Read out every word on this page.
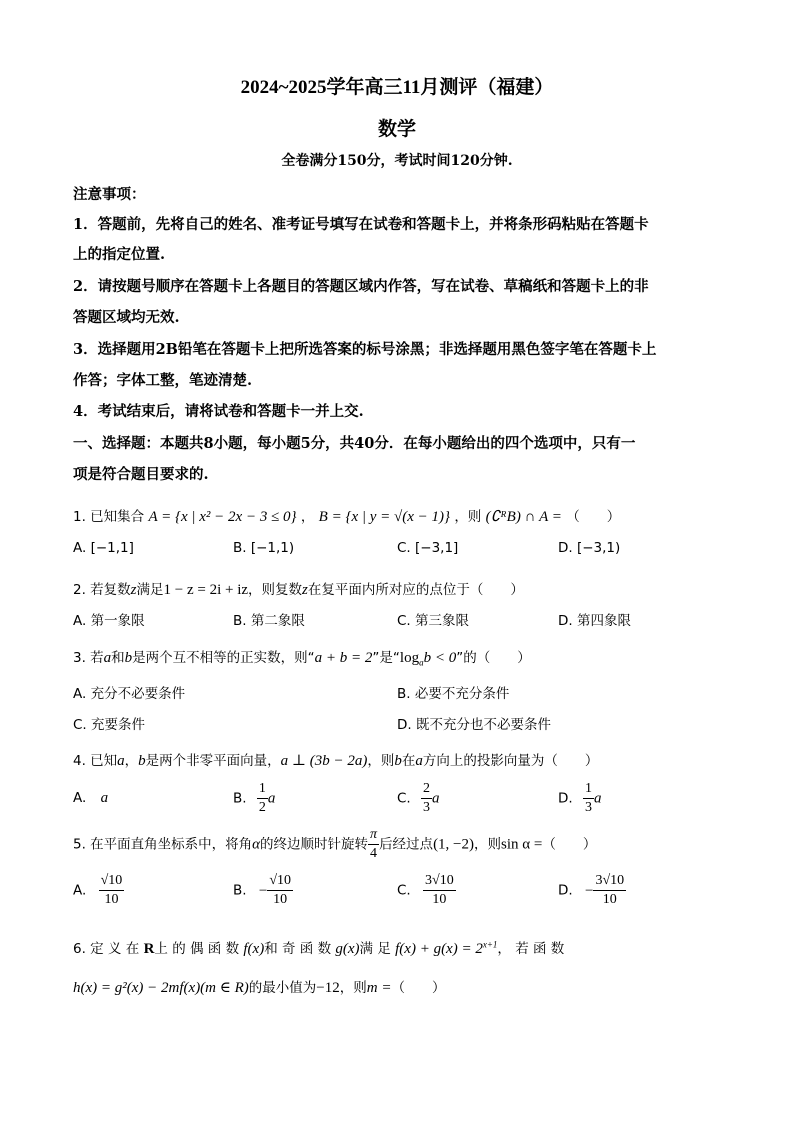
2024~2025学年高三11月测评（福建）
数学
全卷满分150分，考试时间120分钟.
注意事项：
1．答题前，先将自己的姓名、准考证号填写在试卷和答题卡上，并将条形码粘贴在答题卡
上的指定位置.
2．请按题号顺序在答题卡上各题目的答题区域内作答，写在试卷、草稿纸和答题卡上的非
答题区域均无效.
3．选择题用2B铅笔在答题卡上把所选答案的标号涂黑；非选择题用黑色签字笔在答题卡上
作答；字体工整，笔迹清楚.
4．考试结束后，请将试卷和答题卡一并上交.
一、选择题：本题共8小题，每小题5分，共40分．在每小题给出的四个选项中，只有一
项是符合题目要求的.
1. 已知集合 A = {x | x² − 2x − 3 ≤ 0} ， B = {x | y = √(x − 1)} ，则 (∁ᴿB) ∩ A = （　　）
A. [−1,1]	B. [−1,1)	C. [−3,1]	D. [−3,1)
2. 若复数z满足1 − z = 2i + iz，则复数z在复平面内所对应的点位于（　　）
A. 第一象限	B. 第二象限	C. 第三象限	D. 第四象限
3. 若a和b是两个互不相等的正实数，则“a + b = 2”是“$\log_ab < 0$”的（　　）
A. 充分不必要条件	B. 必要不充分条件
C. 充要条件	D. 既不充分也不必要条件
4. 已知a，b是两个非零平面向量，a ⊥ (3b − 2a)，则b在a方向上的投影向量为（　　）
A. a	B. $\frac{1}{2}$ a	C. $\frac{2}{3}$ a	D. $\frac{1}{3}$ a
5. 在平面直角坐标系中，将角α的终边顺时针旋转 $\frac{\pi}{4}$ 后经过点(1, −2)，则sin α =（　　）
A. $\frac{√10}{10}$	B. − $\frac{√10}{10}$	C. $\frac{3√10}{10}$	D. − $\frac{3√10}{10}$
6. 定 义 在 R上 的 偶 函 数 f(x)和 奇 函 数 g(x)满 足 $f(x) + g(x) = 2^{x+1}$， 若 函 数
h(x) = g²(x) − 2mf(x)(m ∈ R)的最小值为−12，则m =（　　）
